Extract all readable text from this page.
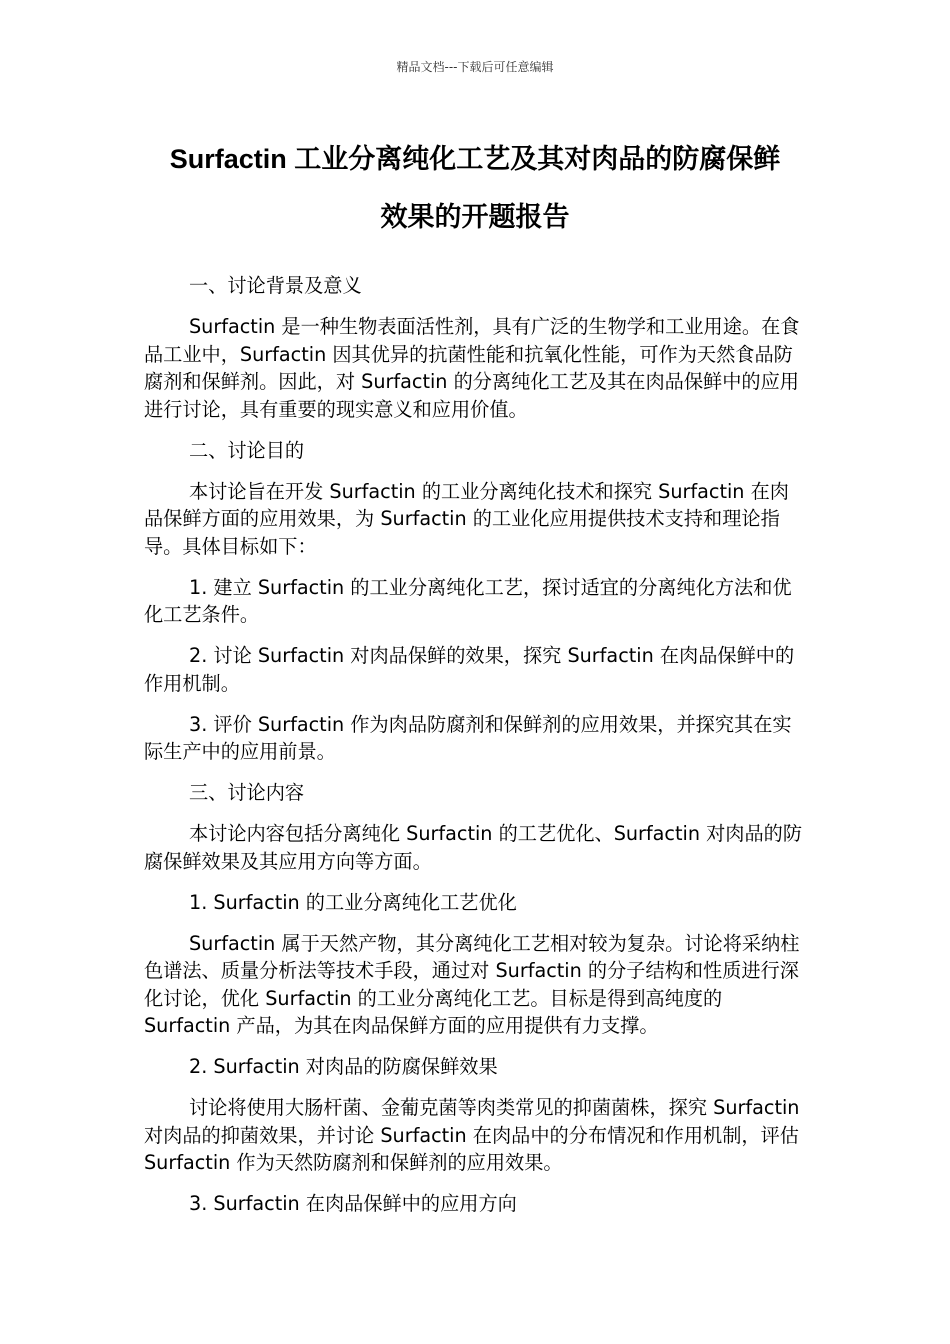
精品文档---下载后可任意编辑
Surfactin 工业分离纯化工艺及其对肉品的防腐保鲜
效果的开题报告

一、讨论背景及意义

Surfactin 是一种生物表面活性剂，具有广泛的生物学和工业用途。在食品工业中，Surfactin 因其优异的抗菌性能和抗氧化性能，可作为天然食品防腐剂和保鲜剂。因此，对 Surfactin 的分离纯化工艺及其在肉品保鲜中的应用进行讨论，具有重要的现实意义和应用价值。

二、讨论目的

本讨论旨在开发 Surfactin 的工业分离纯化技术和探究 Surfactin 在肉品保鲜方面的应用效果，为 Surfactin 的工业化应用提供技术支持和理论指导。具体目标如下：

1. 建立 Surfactin 的工业分离纯化工艺，探讨适宜的分离纯化方法和优化工艺条件。

2. 讨论 Surfactin 对肉品保鲜的效果，探究 Surfactin 在肉品保鲜中的作用机制。

3. 评价 Surfactin 作为肉品防腐剂和保鲜剂的应用效果，并探究其在实际生产中的应用前景。

三、讨论内容

本讨论内容包括分离纯化 Surfactin 的工艺优化、Surfactin 对肉品的防腐保鲜效果及其应用方向等方面。

1. Surfactin 的工业分离纯化工艺优化

Surfactin 属于天然产物，其分离纯化工艺相对较为复杂。讨论将采纳柱色谱法、质量分析法等技术手段，通过对 Surfactin 的分子结构和性质进行深化讨论，优化 Surfactin 的工业分离纯化工艺。目标是得到高纯度的 Surfactin 产品，为其在肉品保鲜方面的应用提供有力支撑。

2. Surfactin 对肉品的防腐保鲜效果

讨论将使用大肠杆菌、金葡克菌等肉类常见的抑菌菌株，探究 Surfactin 对肉品的抑菌效果，并讨论 Surfactin 在肉品中的分布情况和作用机制，评估 Surfactin 作为天然防腐剂和保鲜剂的应用效果。

3. Surfactin 在肉品保鲜中的应用方向
